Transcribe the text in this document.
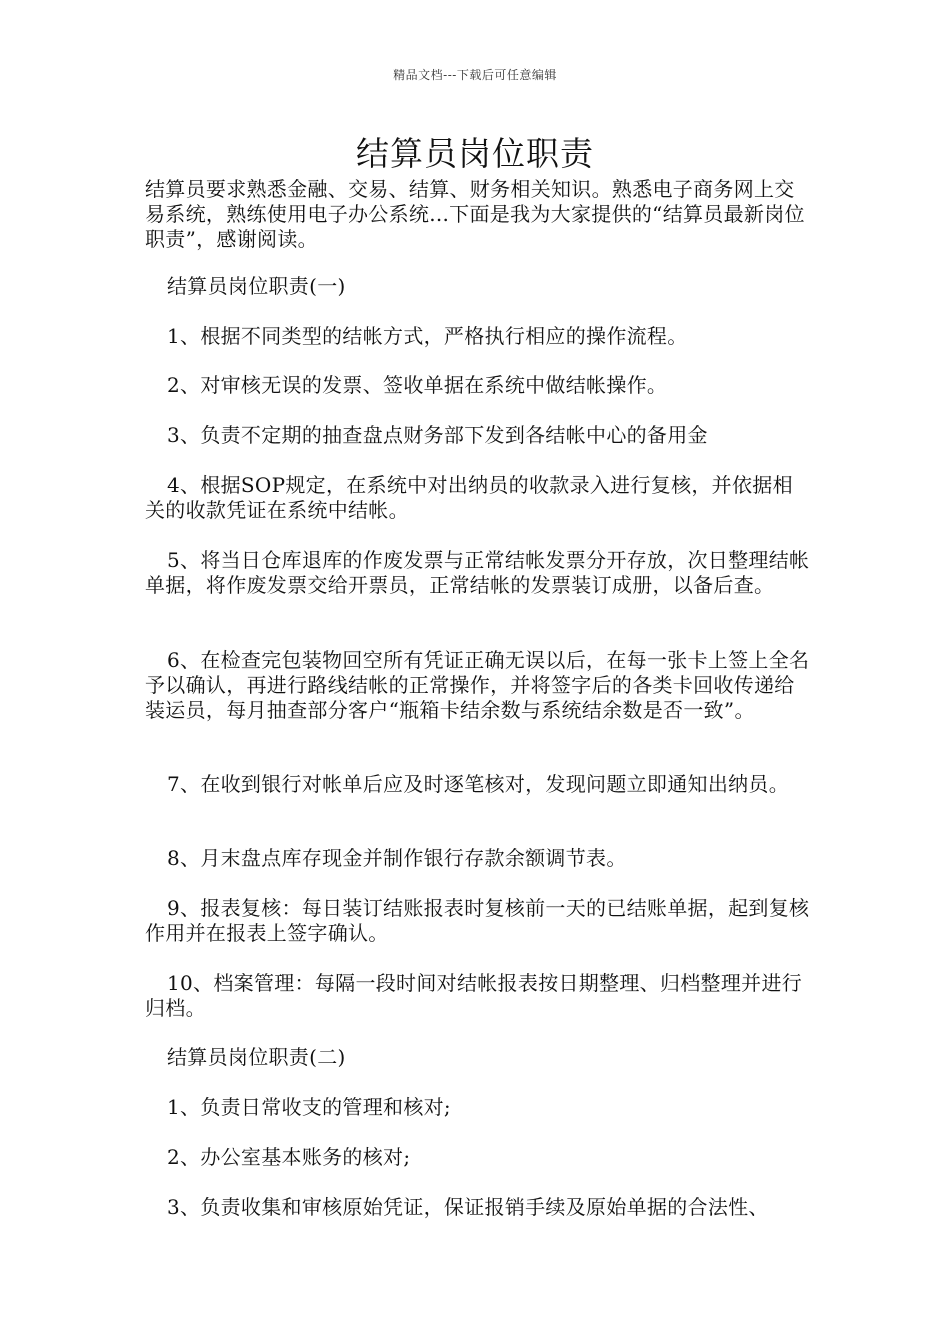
精品文档---下载后可任意编辑
结算员岗位职责

结算员要求熟悉金融、交易、结算、财务相关知识。熟悉电子商务网上交易系统，熟练使用电子办公系统...下面是我为大家提供的“结算员最新岗位职责”，感谢阅读。

结算员岗位职责(一)

1、根据不同类型的结帐方式，严格执行相应的操作流程。

2、对审核无误的发票、签收单据在系统中做结帐操作。

3、负责不定期的抽查盘点财务部下发到各结帐中心的备用金

4、根据SOP规定，在系统中对出纳员的收款录入进行复核，并依据相关的收款凭证在系统中结帐。

5、将当日仓库退库的作废发票与正常结帐发票分开存放，次日整理结帐单据，将作废发票交给开票员，正常结帐的发票装订成册，以备后查。

6、在检查完包装物回空所有凭证正确无误以后，在每一张卡上签上全名予以确认，再进行路线结帐的正常操作，并将签字后的各类卡回收传递给装运员，每月抽查部分客户“瓶箱卡结余数与系统结余数是否一致”。

7、在收到银行对帐单后应及时逐笔核对，发现问题立即通知出纳员。

8、月末盘点库存现金并制作银行存款余额调节表。

9、报表复核：每日装订结账报表时复核前一天的已结账单据，起到复核作用并在报表上签字确认。

10、档案管理：每隔一段时间对结帐报表按日期整理、归档整理并进行归档。

结算员岗位职责(二)

1、负责日常收支的管理和核对;

2、办公室基本账务的核对;

3、负责收集和审核原始凭证，保证报销手续及原始单据的合法性、
